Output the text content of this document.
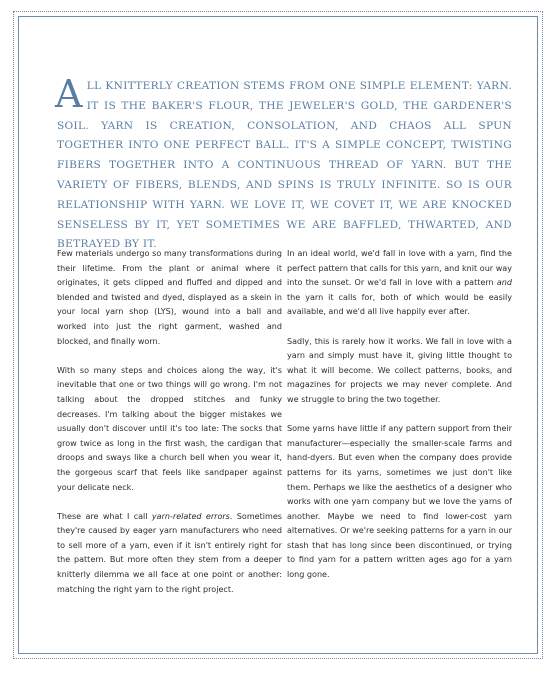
ALL KNITTERLY CREATION STEMS FROM ONE SIMPLE ELEMENT: YARN. IT IS THE BAKER'S FLOUR, THE JEWELER'S GOLD, THE GARDENER'S SOIL. YARN IS CREATION, CONSOLATION, AND CHAOS ALL SPUN TOGETHER INTO ONE PERFECT BALL. IT'S A SIMPLE CONCEPT, TWISTING FIBERS TOGETHER INTO A CONTINUOUS THREAD OF YARN. BUT THE VARIETY OF FIBERS, BLENDS, AND SPINS IS TRULY INFINITE. SO IS OUR RELATIONSHIP WITH YARN. WE LOVE IT, WE COVET IT, WE ARE KNOCKED SENSELESS BY IT, YET SOMETIMES WE ARE BAFFLED, THWARTED, AND BETRAYED BY IT.

Few materials undergo so many transformations during their lifetime. From the plant or animal where it originates, it gets clipped and fluffed and dipped and blended and twisted and dyed, displayed as a skein in your local yarn shop (LYS), wound into a ball and worked into just the right garment, washed and blocked, and finally worn.

With so many steps and choices along the way, it's inevitable that one or two things will go wrong. I'm not talking about the dropped stitches and funky decreases. I'm talking about the bigger mistakes we usually don't discover until it's too late: The socks that grow twice as long in the first wash, the cardigan that droops and sways like a church bell when you wear it, the gorgeous scarf that feels like sandpaper against your delicate neck.

These are what I call yarn-related errors. Sometimes they're caused by eager yarn manufacturers who need to sell more of a yarn, even if it isn't entirely right for the pattern. But more often they stem from a deeper knitterly dilemma we all face at one point or another: matching the right yarn to the right project.

In an ideal world, we'd fall in love with a yarn, find the perfect pattern that calls for this yarn, and knit our way into the sunset. Or we'd fall in love with a pattern and the yarn it calls for, both of which would be easily available, and we'd all live happily ever after.

Sadly, this is rarely how it works. We fall in love with a yarn and simply must have it, giving little thought to what it will become. We collect patterns, books, and magazines for projects we may never complete. And we struggle to bring the two together.

Some yarns have little if any pattern support from their manufacturer—especially the smaller-scale farms and hand-dyers. But even when the company does provide patterns for its yarns, sometimes we just don't like them. Perhaps we like the aesthetics of a designer who works with one yarn company but we love the yarns of another. Maybe we need to find lower-cost yarn alternatives. Or we're seeking patterns for a yarn in our stash that has long since been discontinued, or trying to find yarn for a pattern written ages ago for a yarn long gone.
